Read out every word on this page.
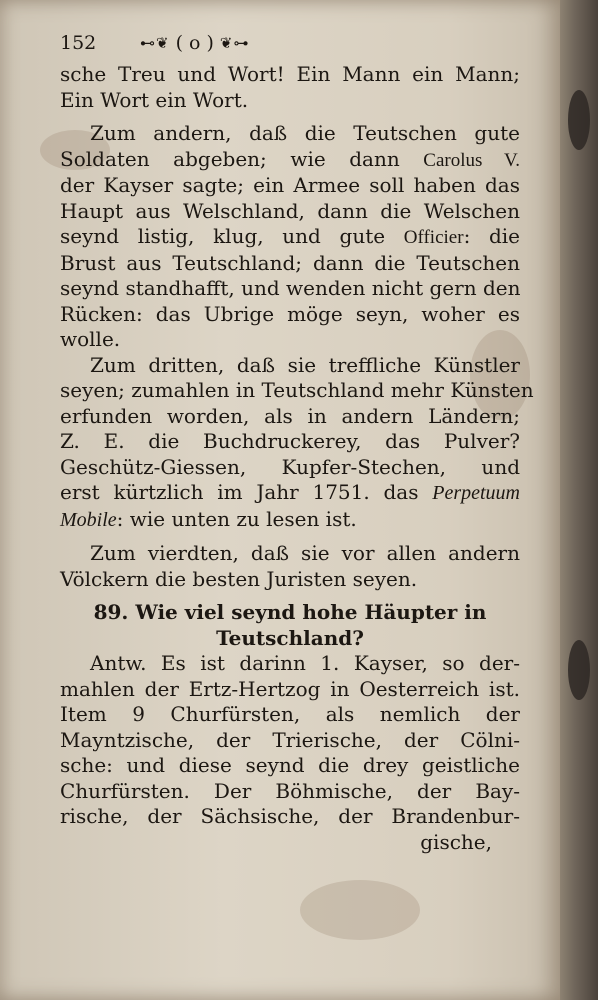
152	⊷❦ ( o ) ❦⊶
sche Treu und Wort! Ein Mann ein Mann;
Ein Wort ein Wort.
Zum andern, daß die Teutschen gute
Soldaten abgeben; wie dann Carolus V.
der Kayser sagte; ein Armee soll haben das
Haupt aus Welschland, dann die Welschen
seynd listig, klug, und gute Officier: die
Brust aus Teutschland; dann die Teutschen
seynd standhafft, und wenden nicht gern den
Rücken: das Ubrige möge seyn, woher es
wolle.
Zum dritten, daß sie treffliche Künstler
seyen; zumahlen in Teutschland mehr Künsten
erfunden worden, als in andern Ländern;
Z. E. die Buchdruckerey, das Pulver?
Geschütz-Giessen, Kupfer-Stechen, und
erst kürtzlich im Jahr 1751. das Perpetuum
Mobile: wie unten zu lesen ist.
Zum vierdten, daß sie vor allen andern
Völckern die besten Juristen seyen.
89. Wie viel seynd hohe Häupter in
Teutschland?
Antw. Es ist darinn 1. Kayser, so der-
mahlen der Ertz-Hertzog in Oesterreich ist.
Item 9 Churfürsten, als nemlich der
Mayntzische, der Trierische, der Cölni-
sche: und diese seynd die drey geistliche
Churfürsten. Der Böhmische, der Bay-
rische, der Sächsische, der Brandenbur-
gische,
